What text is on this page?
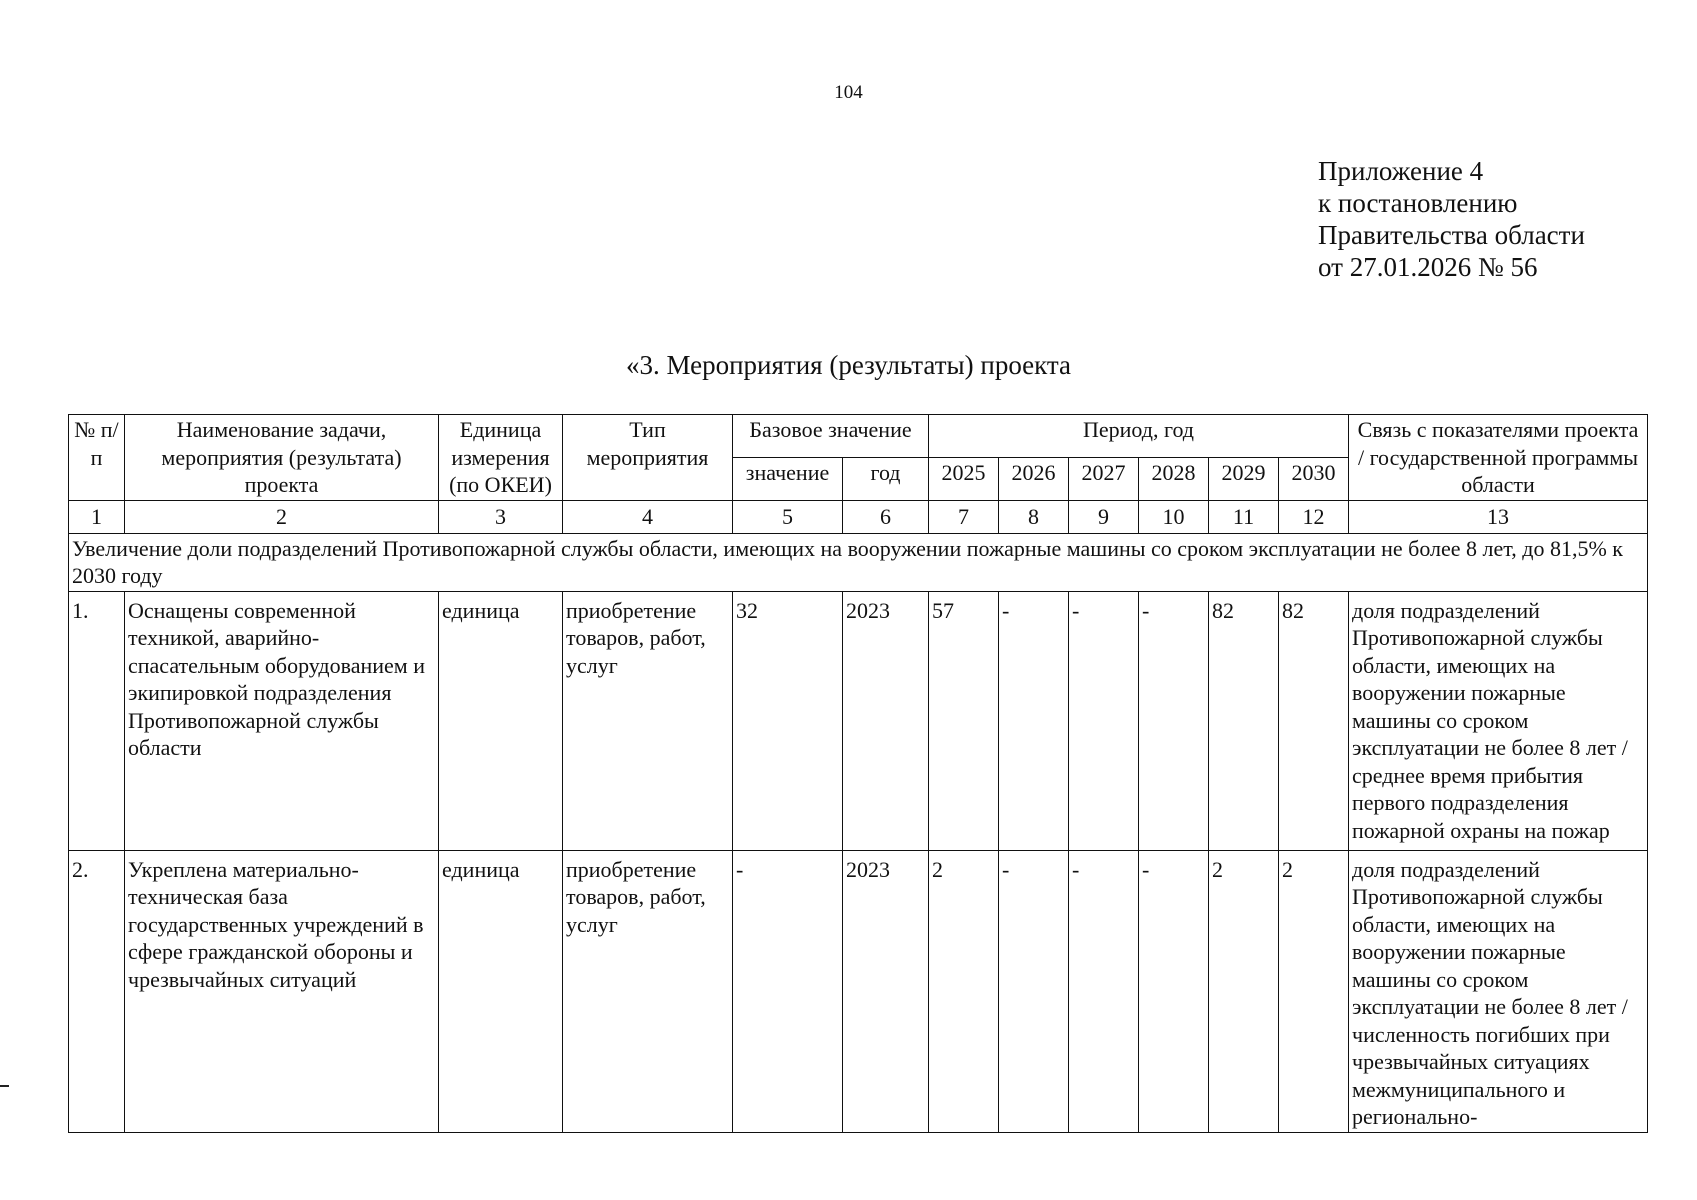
104
Приложение 4
к постановлению
Правительства области
от 27.01.2026 № 56
«3. Мероприятия (результаты) проекта
№ п/п	Наименование задачи, мероприятия (результата) проекта	Единица измерения (по ОКЕИ)	Тип мероприятия	Базовое значение		Период, год						Связь с показателями проекта / государственной программы области
				значение	год	2025	2026	2027	2028	2029	2030	
1	2	3	4	5	6	7	8	9	10	11	12	13
Увеличение доли подразделений Противопожарной службы области, имеющих на вооружении пожарные машины со сроком эксплуатации не более 8 лет, до 81,5% к 2030 году												
1.	Оснащены современной техникой, аварийно-спасательным оборудованием и экипировкой подразделения Противопожарной службы области	единица	приобретение товаров, работ, услуг	32	2023	57	-	-	-	82	82	доля подразделений Противопожарной службы области, имеющих на вооружении пожарные машины со сроком эксплуатации не более 8 лет / среднее время прибытия первого подразделения пожарной охраны на пожар
2.	Укреплена материально-техническая база государственных учреждений в сфере гражданской обороны и чрезвычайных ситуаций	единица	приобретение товаров, работ, услуг	-	2023	2	-	-	-	2	2	доля подразделений Противопожарной службы области, имеющих на вооружении пожарные машины со сроком эксплуатации не более 8 лет / численность погибших при чрезвычайных ситуациях межмуниципального и регионально-
